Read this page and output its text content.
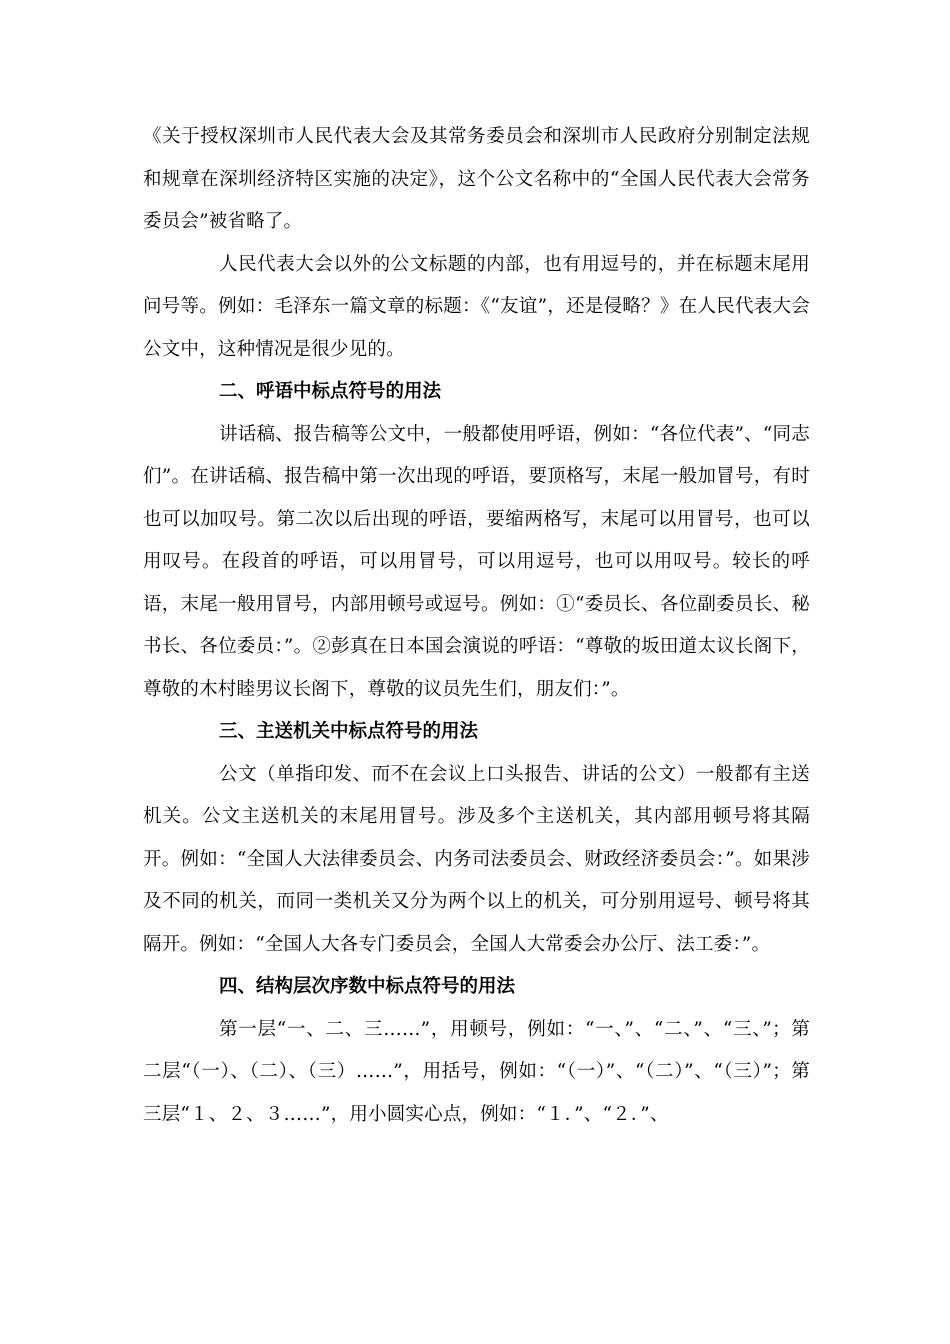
《关于授权深圳市人民代表大会及其常务委员会和深圳市人民政府分别制定法规和规章在深圳经济特区实施的决定》，这个公文名称中的“全国人民代表大会常务委员会”被省略了。

人民代表大会以外的公文标题的内部，也有用逗号的，并在标题末尾用问号等。例如：毛泽东一篇文章的标题：《“友谊”，还是侵略？》在人民代表大会公文中，这种情况是很少见的。

二、呼语中标点符号的用法

讲话稿、报告稿等公文中，一般都使用呼语，例如：“各位代表”、“同志们”。在讲话稿、报告稿中第一次出现的呼语，要顶格写，末尾一般加冒号，有时也可以加叹号。第二次以后出现的呼语，要缩两格写，末尾可以用冒号，也可以用叹号。在段首的呼语，可以用冒号，可以用逗号，也可以用叹号。较长的呼语，末尾一般用冒号，内部用顿号或逗号。例如：①“委员长、各位副委员长、秘书长、各位委员：”。②彭真在日本国会演说的呼语：“尊敬的坂田道太议长阁下，尊敬的木村睦男议长阁下，尊敬的议员先生们，朋友们：”。

三、主送机关中标点符号的用法

公文（单指印发、而不在会议上口头报告、讲话的公文）一般都有主送机关。公文主送机关的末尾用冒号。涉及多个主送机关，其内部用顿号将其隔开。例如：“全国人大法律委员会、内务司法委员会、财政经济委员会：”。如果涉及不同的机关，而同一类机关又分为两个以上的机关，可分别用逗号、顿号将其隔开。例如：“全国人大各专门委员会，全国人大常委会办公厅、法工委：”。

四、结构层次序数中标点符号的用法

第一层“一、二、三……”，用顿号，例如：“一、”、“二、”、“三、”；第二层“（一）、（二）、（三）……”，用括号，例如：“（一）”、“（二）”、“（三）”；第三层“１、２、３……”，用小圆实心点，例如：“１．”、“２．”、
